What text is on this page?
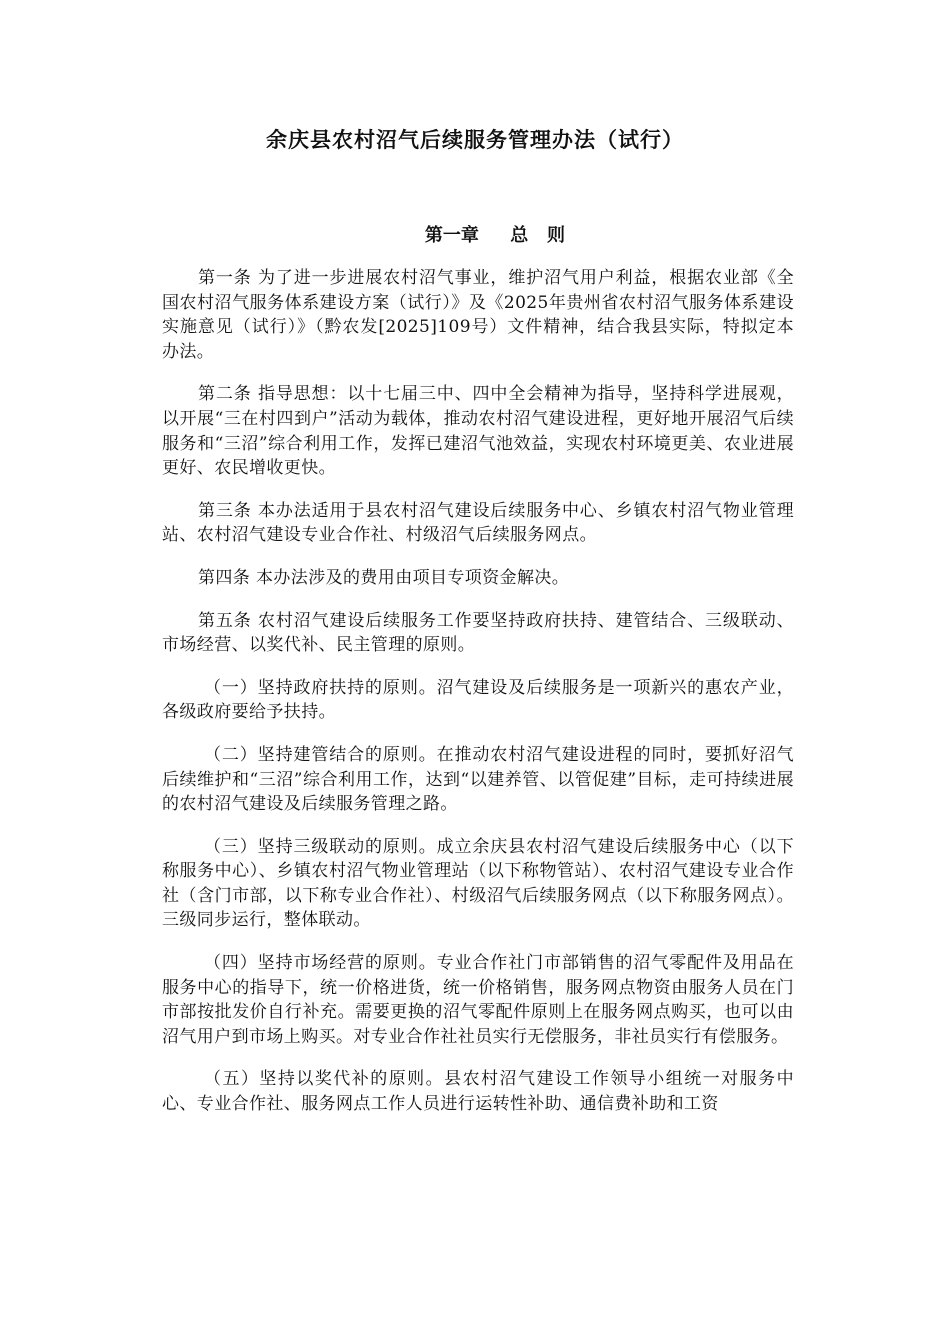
余庆县农村沼气后续服务管理办法（试行）
第一章     总   则

第一条 为了进一步进展农村沼气事业，维护沼气用户利益，根据农业部《全国农村沼气服务体系建设方案（试行）》及《2025年贵州省农村沼气服务体系建设实施意见（试行）》（黔农发[2025]109号）文件精神，结合我县实际，特拟定本办法。

第二条 指导思想：以十七届三中、四中全会精神为指导，坚持科学进展观，以开展“三在村四到户”活动为载体，推动农村沼气建设进程，更好地开展沼气后续服务和“三沼”综合利用工作，发挥已建沼气池效益，实现农村环境更美、农业进展更好、农民增收更快。

第三条 本办法适用于县农村沼气建设后续服务中心、乡镇农村沼气物业管理站、农村沼气建设专业合作社、村级沼气后续服务网点。

第四条 本办法涉及的费用由项目专项资金解决。

第五条 农村沼气建设后续服务工作要坚持政府扶持、建管结合、三级联动、市场经营、以奖代补、民主管理的原则。

（一）坚持政府扶持的原则。沼气建设及后续服务是一项新兴的惠农产业，各级政府要给予扶持。

（二）坚持建管结合的原则。在推动农村沼气建设进程的同时，要抓好沼气后续维护和“三沼”综合利用工作，达到“以建养管、以管促建”目标，走可持续进展的农村沼气建设及后续服务管理之路。

（三）坚持三级联动的原则。成立余庆县农村沼气建设后续服务中心（以下称服务中心）、乡镇农村沼气物业管理站（以下称物管站）、农村沼气建设专业合作社（含门市部，以下称专业合作社）、村级沼气后续服务网点（以下称服务网点）。三级同步运行，整体联动。

（四）坚持市场经营的原则。专业合作社门市部销售的沼气零配件及用品在服务中心的指导下，统一价格进货，统一价格销售，服务网点物资由服务人员在门市部按批发价自行补充。需要更换的沼气零配件原则上在服务网点购买，也可以由沼气用户到市场上购买。对专业合作社社员实行无偿服务，非社员实行有偿服务。

（五）坚持以奖代补的原则。县农村沼气建设工作领导小组统一对服务中心、专业合作社、服务网点工作人员进行运转性补助、通信费补助和工资
